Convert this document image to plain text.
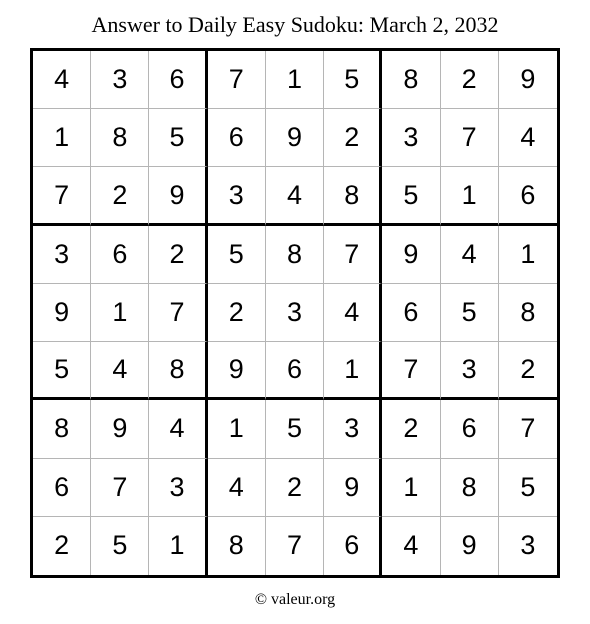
Answer to Daily Easy Sudoku: March 2, 2032
4	3	6	7	1	5	8	2	9
1	8	5	6	9	2	3	7	4
7	2	9	3	4	8	5	1	6
3	6	2	5	8	7	9	4	1
9	1	7	2	3	4	6	5	8
5	4	8	9	6	1	7	3	2
8	9	4	1	5	3	2	6	7
6	7	3	4	2	9	1	8	5
2	5	1	8	7	6	4	9	3
© valeur.org
